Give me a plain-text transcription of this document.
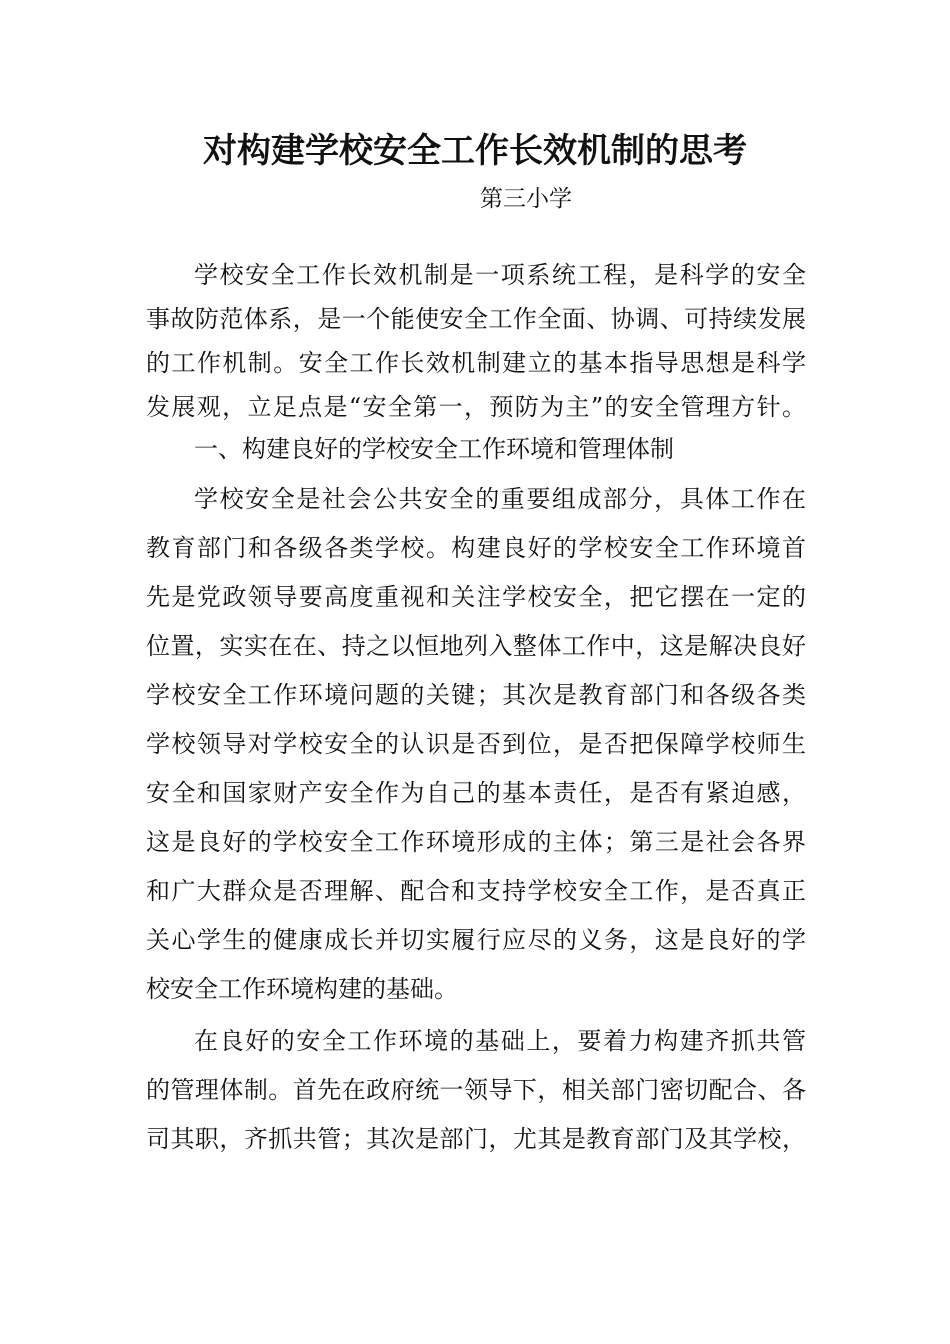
对构建学校安全工作长效机制的思考
第三小学
学校安全工作长效机制是一项系统工程，是科学的安全
事故防范体系，是一个能使安全工作全面、协调、可持续发展
的工作机制。安全工作长效机制建立的基本指导思想是科学
发展观，立足点是“安全第一，预防为主”的安全管理方针。
一、构建良好的学校安全工作环境和管理体制
学校安全是社会公共安全的重要组成部分，具体工作在
教育部门和各级各类学校。构建良好的学校安全工作环境首
先是党政领导要高度重视和关注学校安全，把它摆在一定的
位置，实实在在、持之以恒地列入整体工作中，这是解决良好
学校安全工作环境问题的关键；其次是教育部门和各级各类
学校领导对学校安全的认识是否到位，是否把保障学校师生
安全和国家财产安全作为自己的基本责任，是否有紧迫感，
这是良好的学校安全工作环境形成的主体；第三是社会各界
和广大群众是否理解、配合和支持学校安全工作，是否真正
关心学生的健康成长并切实履行应尽的义务，这是良好的学
校安全工作环境构建的基础。
在良好的安全工作环境的基础上，要着力构建齐抓共管
的管理体制。首先在政府统一领导下，相关部门密切配合、各
司其职，齐抓共管；其次是部门，尤其是教育部门及其学校，
